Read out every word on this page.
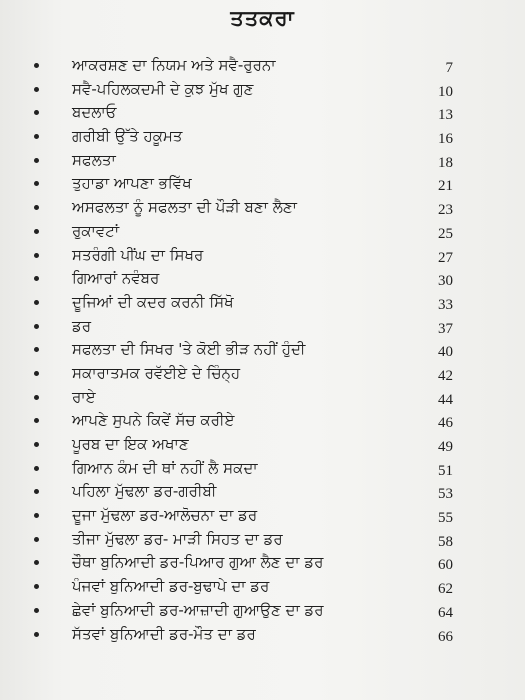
ਤਤਕਰਾ
ਆਕਰਸ਼ਣ ਦਾ ਨਿਯਮ ਅਤੇ ਸਵੈ-ਰੁਰਨਾ	7
ਸਵੈ-ਪਹਿਲਕਦਮੀ ਦੇ ਕੁਝ ਮੁੱਖ ਗੁਣ	10
ਬਦਲਾਓ	13
ਗਰੀਬੀ ਉੱਤੇ ਹਕੂਮਤ	16
ਸਫਲਤਾ	18
ਤੁਹਾਡਾ ਆਪਣਾ ਭਵਿੱਖ	21
ਅਸਫਲਤਾ ਨੂੰ ਸਫਲਤਾ ਦੀ ਪੌੜੀ ਬਣਾ ਲੈਣਾ	23
ਰੁਕਾਵਟਾਂ	25
ਸਤਰੰਗੀ ਪੀਂਘ ਦਾ ਸਿਖਰ	27
ਗਿਆਰਾਂ ਨਵੰਬਰ	30
ਦੂਜਿਆਂ ਦੀ ਕਦਰ ਕਰਨੀ ਸਿੱਖੋ	33
ਡਰ	37
ਸਫਲਤਾ ਦੀ ਸਿਖਰ 'ਤੇ ਕੋਈ ਭੀੜ ਨਹੀਂ ਹੁੰਦੀ	40
ਸਕਾਰਾਤਮਕ ਰਵੱਈਏ ਦੇ ਚਿੰਨ੍ਹ	42
ਰਾਏ	44
ਆਪਣੇ ਸੁਪਨੇ ਕਿਵੇਂ ਸੱਚ ਕਰੀਏ	46
ਪੂਰਬ ਦਾ ਇਕ ਅਖਾਣ	49
ਗਿਆਨ ਕੰਮ ਦੀ ਥਾਂ ਨਹੀਂ ਲੈ ਸਕਦਾ	51
ਪਹਿਲਾ ਮੁੱਢਲਾ ਡਰ-ਗਰੀਬੀ	53
ਦੂਜਾ ਮੁੱਢਲਾ ਡਰ-ਆਲੋਚਨਾ ਦਾ ਡਰ	55
ਤੀਜਾ ਮੁੱਢਲਾ ਡਰ- ਮਾੜੀ ਸਿਹਤ ਦਾ ਡਰ	58
ਚੌਥਾ ਬੁਨਿਆਦੀ ਡਰ-ਪਿਆਰ ਗੁਆ ਲੈਣ ਦਾ ਡਰ	60
ਪੰਜਵਾਂ ਬੁਨਿਆਦੀ ਡਰ-ਬੁਢਾਪੇ ਦਾ ਡਰ	62
ਛੇਵਾਂ ਬੁਨਿਆਦੀ ਡਰ-ਆਜ਼ਾਦੀ ਗੁਆਉਣ ਦਾ ਡਰ	64
ਸੱਤਵਾਂ ਬੁਨਿਆਦੀ ਡਰ-ਮੌਤ ਦਾ ਡਰ	66
